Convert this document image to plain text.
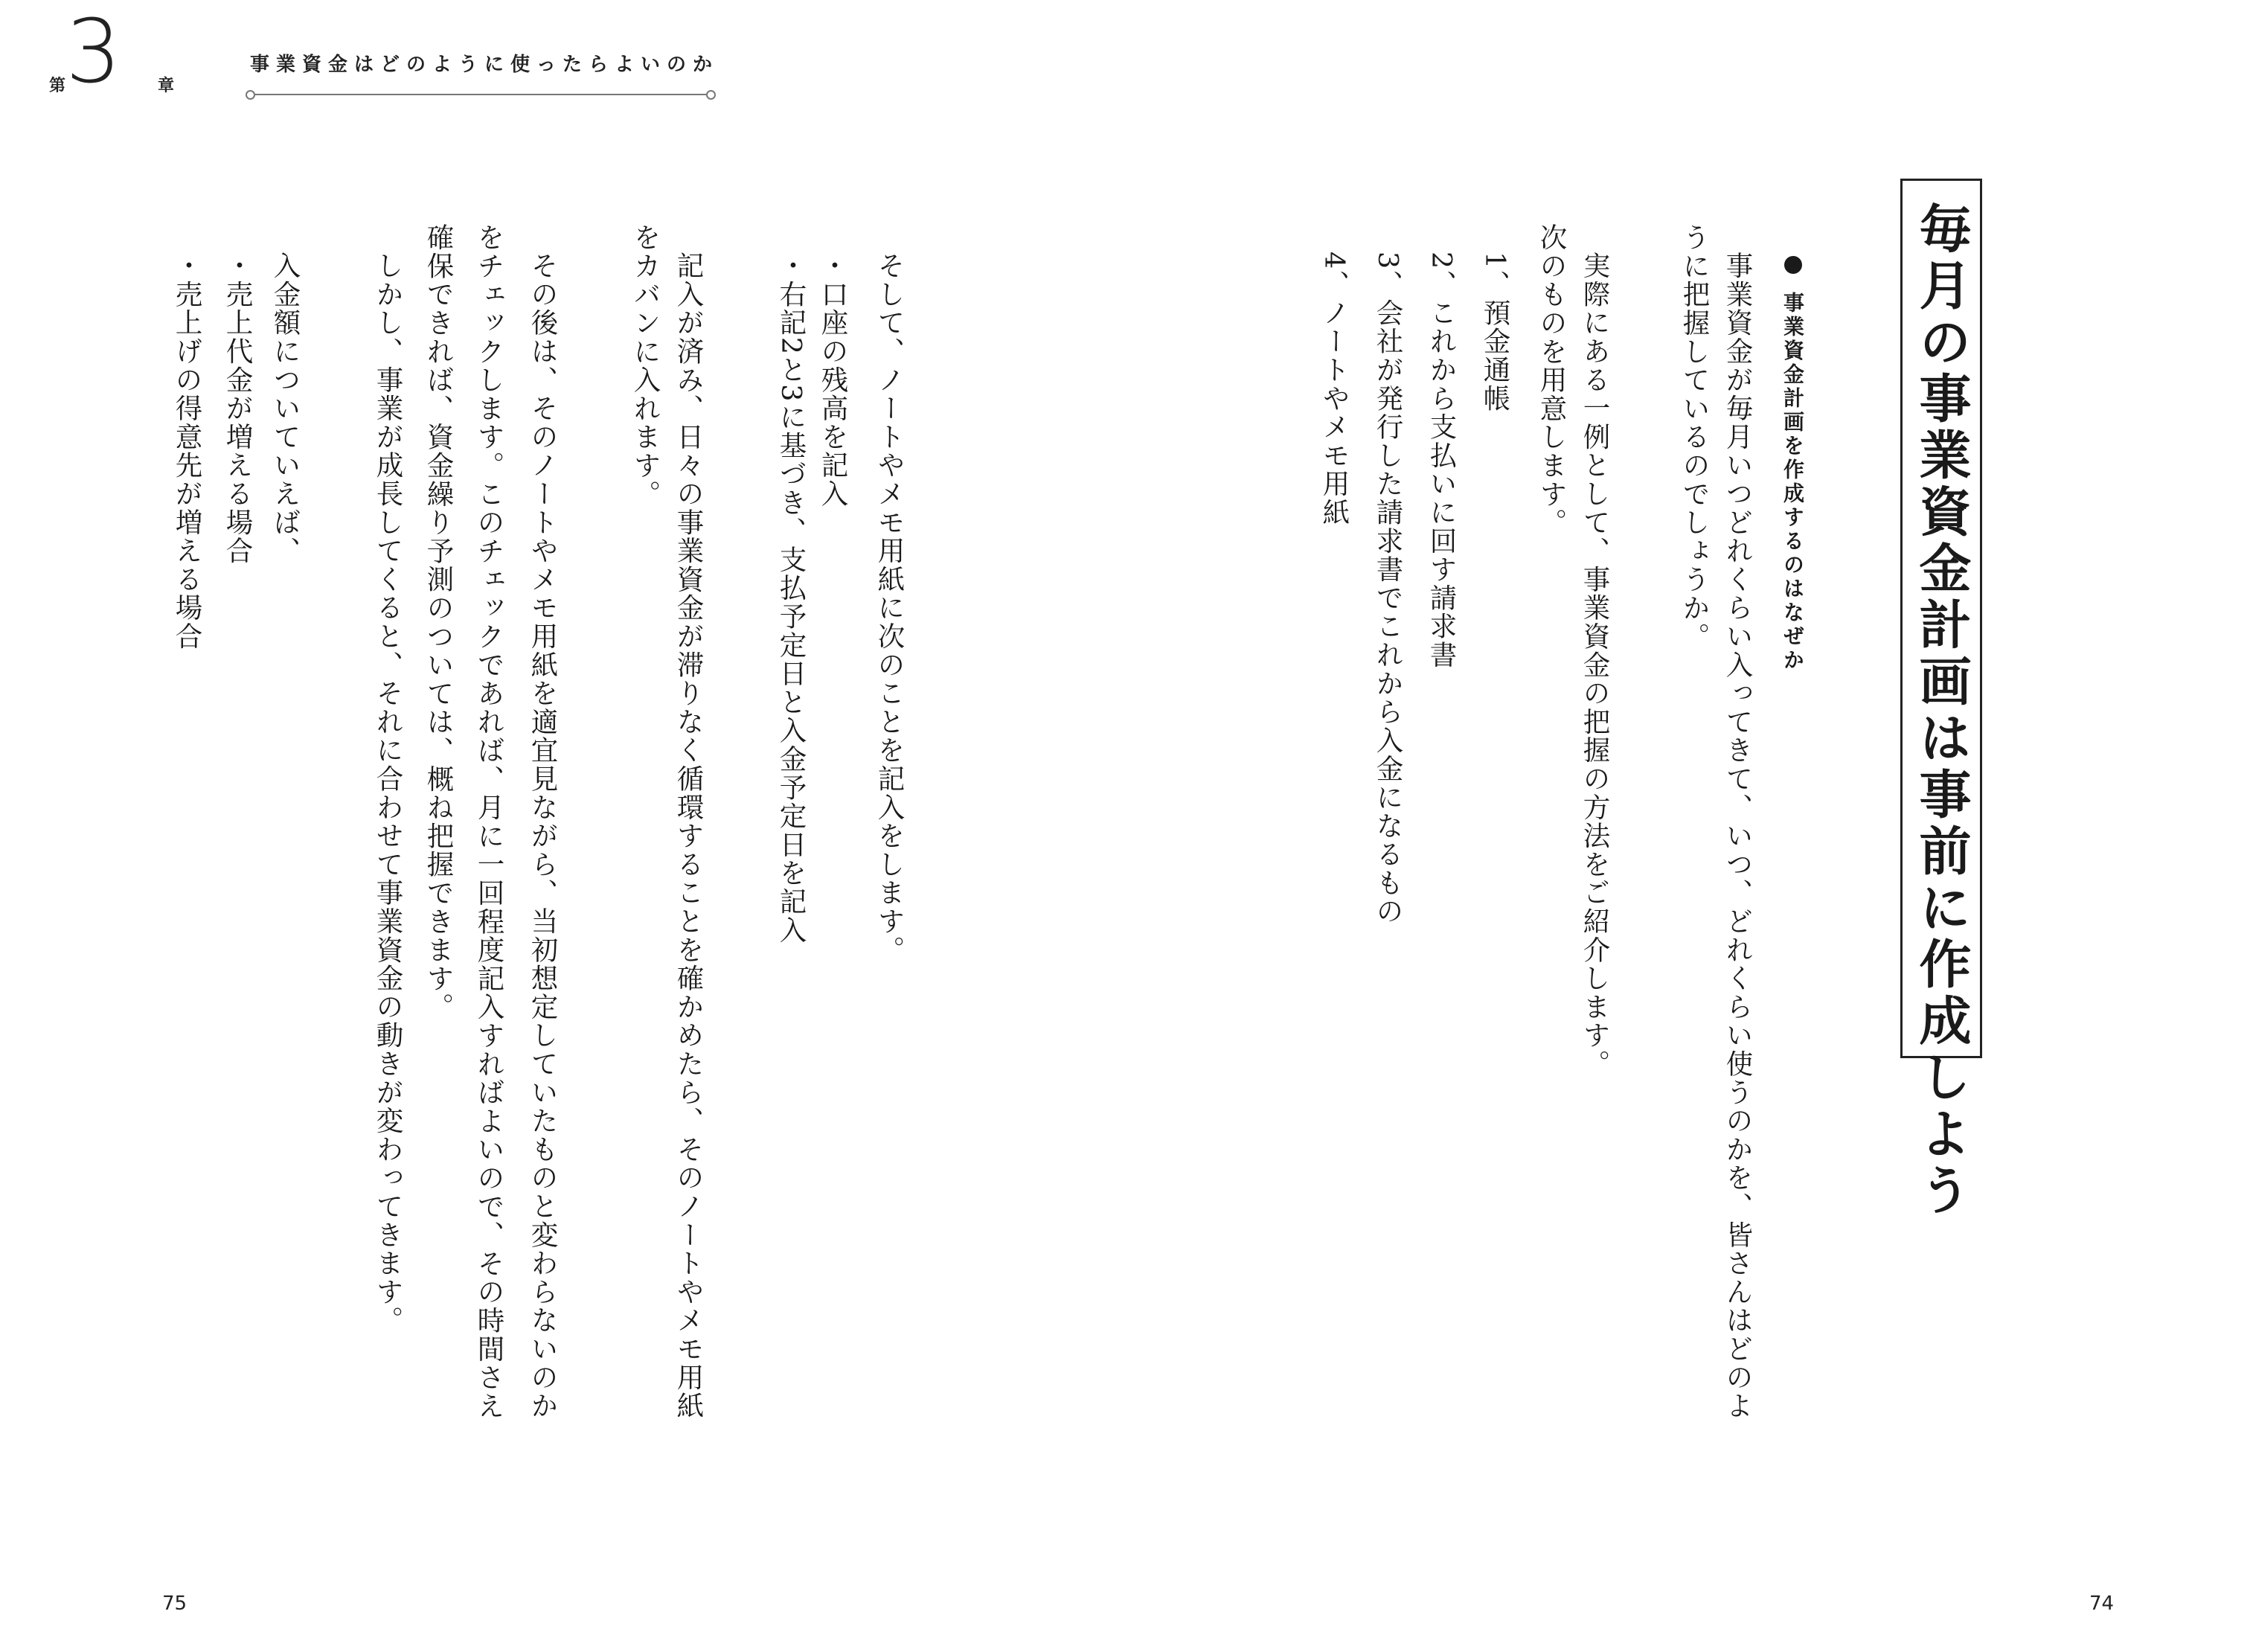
第 3 章
事業資金はどのように使ったらよいのか
毎月の事業資金計画は事前に作成しよう
事業資金計画を作成するのはなぜか
事業資金が毎月いつどれくらい入ってきて、いつ、どれくらい使うのかを、皆さんはどのよ
うに把握しているのでしょうか。
実際にある一例として、事業資金の把握の方法をご紹介します。
次のものを用意します。
1、預金通帳
2、これから支払いに回す請求書
3、会社が発行した請求書でこれから入金になるもの
4、ノートやメモ用紙
そして、ノートやメモ用紙に次のことを記入をします。
・口座の残高を記入
・右記2と3に基づき、支払予定日と入金予定日を記入
記入が済み、日々の事業資金が滞りなく循環することを確かめたら、そのノートやメモ用紙
をカバンに入れます。
その後は、そのノートやメモ用紙を適宜見ながら、当初想定していたものと変わらないのか
をチェックします。このチェックであれば、月に一回程度記入すればよいので、その時間さえ
確保できれば、資金繰り予測のついては、概ね把握できます。
しかし、事業が成長してくると、それに合わせて事業資金の動きが変わってきます。
入金額についていえば、
・売上代金が増える場合
・売上げの得意先が増える場合
75	74
